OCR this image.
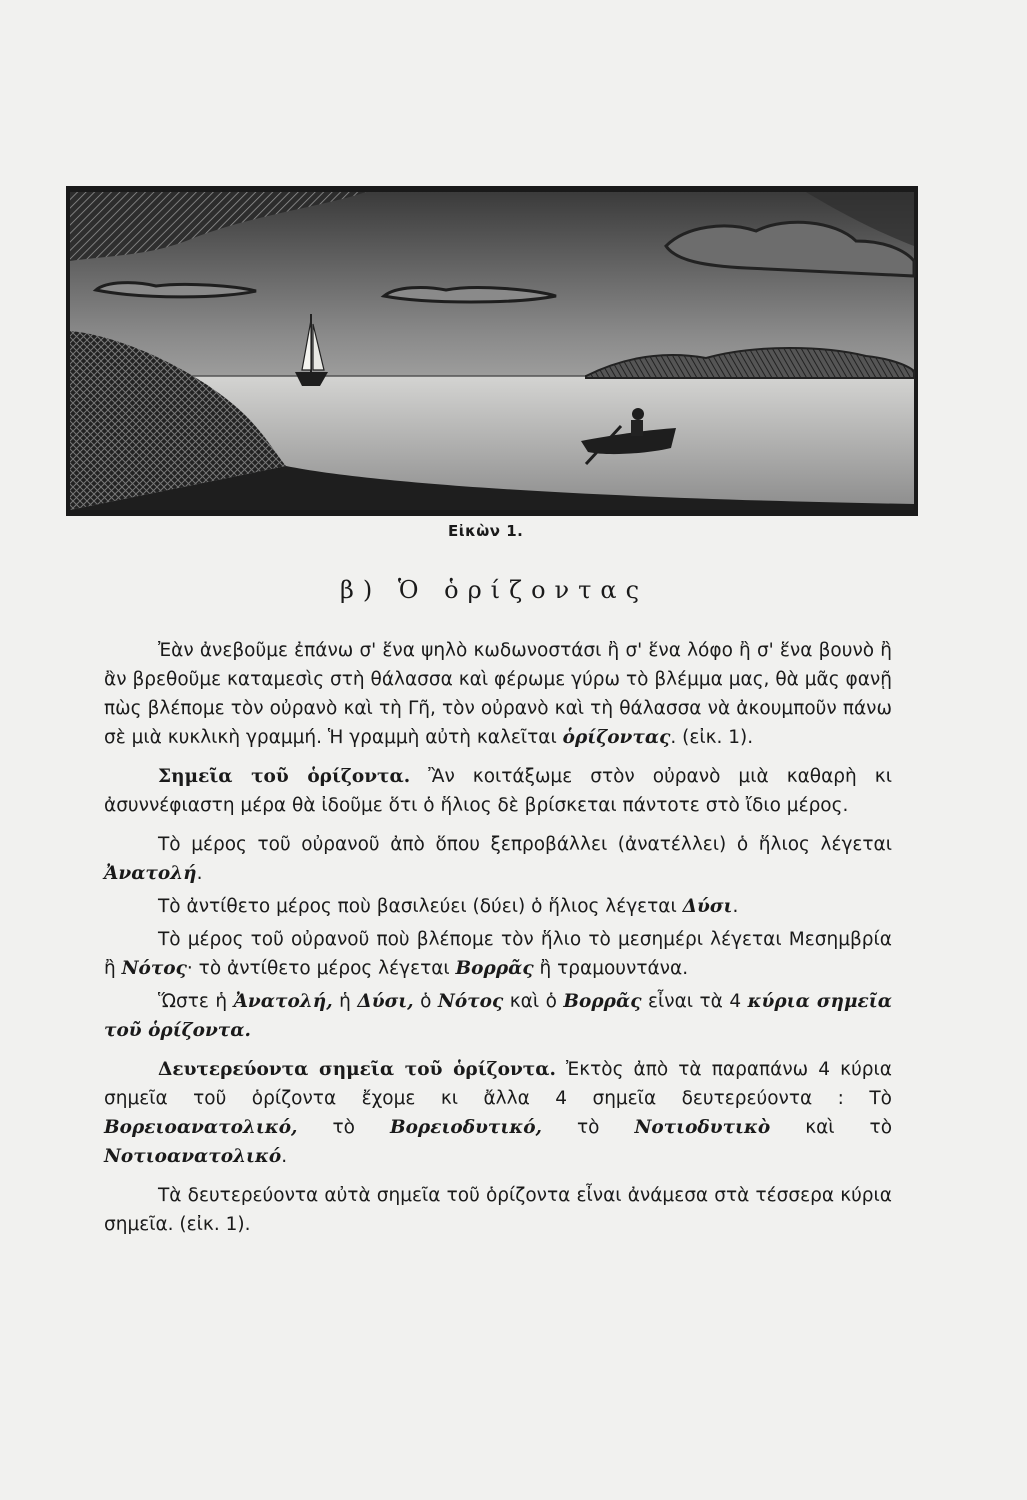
Εἰκὼν 1.
β) Ὁ ὁρίζοντας

Ἐὰν ἀνεβοῦμε ἐπάνω σ' ἕνα ψηλὸ κωδωνοστάσι ἢ σ' ἕνα λόφο ἢ σ' ἕνα βουνὸ ἢ ἂν βρεθοῦμε καταμεσὶς στὴ θάλασσα καὶ φέρωμε γύρω τὸ βλέμμα μας, θὰ μᾶς φανῇ πὼς βλέπομε τὸν οὐρανὸ καὶ τὴ Γῆ, τὸν οὐρανὸ καὶ τὴ θάλασσα νὰ ἀκουμποῦν πάνω σὲ μιὰ κυκλικὴ γραμμή. Ἡ γραμμὴ αὐτὴ καλεῖται ὁρίζοντας. (εἰκ. 1).

Σημεῖα τοῦ ὁρίζοντα. Ἂν κοιτάξωμε στὸν οὐρανὸ μιὰ καθαρὴ κι ἀσυννέφιαστη μέρα θὰ ἰδοῦμε ὅτι ὁ ἥλιος δὲ βρίσκεται πάντοτε στὸ ἴδιο μέρος.

Τὸ μέρος τοῦ οὐρανοῦ ἀπὸ ὅπου ξεπροβάλλει (ἀνατέλλει) ὁ ἥλιος λέγεται Ἀνατολή.

Τὸ ἀντίθετο μέρος ποὺ βασιλεύει (δύει) ὁ ἥλιος λέγεται Δύσι.

Τὸ μέρος τοῦ οὐρανοῦ ποὺ βλέπομε τὸν ἥλιο τὸ μεσημέρι λέγεται Μεσημβρία ἢ Νότος· τὸ ἀντίθετο μέρος λέγεται Βορρᾶς ἢ τραμουντάνα.

Ὥστε ἡ Ἀνατολή, ἡ Δύσι, ὁ Νότος καὶ ὁ Βορρᾶς εἶναι τὰ 4 κύρια σημεῖα τοῦ ὁρίζοντα.

Δευτερεύοντα σημεῖα τοῦ ὁρίζοντα. Ἐκτὸς ἀπὸ τὰ παραπάνω 4 κύρια σημεῖα τοῦ ὁρίζοντα ἔχομε κι ἄλλα 4 σημεῖα δευτερεύοντα : Τὸ Βορειοανατολικό, τὸ Βορειοδυτικό, τὸ Νοτιοδυτικὸ καὶ τὸ Νοτιοανατολικό.

Τὰ δευτερεύοντα αὐτὰ σημεῖα τοῦ ὁρίζοντα εἶναι ἀνάμεσα στὰ τέσσερα κύρια σημεῖα. (εἰκ. 1).
